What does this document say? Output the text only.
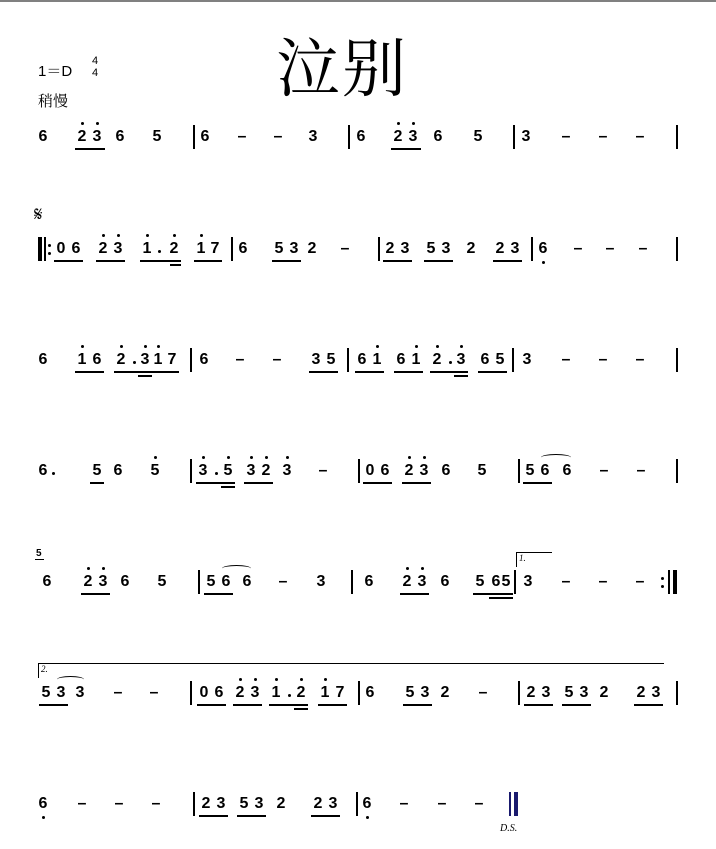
泣别
1＝D
4
4
稍慢
𝄋
D.S.
6 2 3 6 5 6 – – 3 6 2 3 6 5 3 – – –
0 6 2 3 1 2 1 7 6 5 3 2 – 2 3 5 3 2 2 3 6 – – –
6 1 6 2 3 1 7 6 – – 3 5 6 1 6 1 2 3 6 5 3 – – –
6	5 6 5 3 5 3 2 3 – 0 6 2 3 6 5 5 6 6 – –
6 2 3 6 5	5 6 6 – 3 6 2 3 6 5 6 5 3 – – –
5	1.
5 3 3 – –	0 6 2 3 1 2 1 7 6 5 3 2 – 2 3 5 3 2 2 3
2.
6 – – –	2 3 5 3 2 2 3 6 – – –
